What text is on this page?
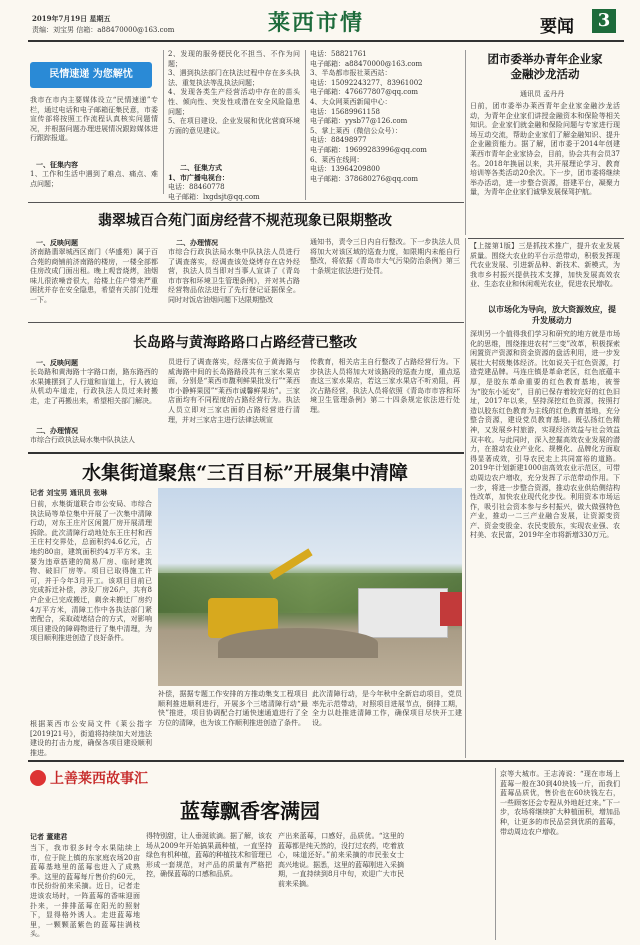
2019年7月19日 星期五
责编：刘宝男 信箱：a88470000@163.com	莱西市情	要闻	3
民情速递 为您解忧
我市在市内主要媒体设立“民情速递”专栏，通过电话和电子邮箱征集民意，市委宣传部将按照工作流程认真核实问题情况，并根据问题办理进展情况跟踪媒体进行跟踪报道。
一、征集内容
1、工作和生活中遇到了难点、痛点、难点问题；
2、发现的服务便民化不担当、不作为问题；
3、遇到执法部门在执法过程中存在多头执法、重复执法等乱执法问题；
4、发现各类生产经营活动中存在的苗头性、倾向性、突发性或潜在安全风险隐患问题；
5、在项目建设、企业发展和优化营商环境方面的意见建议。
二、征集方式
1、市广播电视台：
电话：88460778
电子邮箱：lxgdsjt@qq.com
电话：58821761
电子邮箱：a88470000@163.com
3、半岛都市报社莱西站：
电话：15092243277、83961002
电子邮箱：476677807@qq.com
4、大众网莱西新闻中心：
电话：15689961158
电子邮箱：yysb77@126.com
5、掌上莱西（微信公众号）：
电话：88498977
电子邮箱：19699283996@qq.com
6、莱西在线网：
电话：13964209800
电子邮箱：378680276@qq.com
团市委举办青年企业家
金融沙龙活动
通讯员 孟丹丹
日前，团市委举办莱西青年企业家金融沙龙活动，为青年企业家们讲授金融资本和保险等相关知识。企业家们就金融和保险问题与专家进行现场互动交流，帮助企业家们了解金融知识、提升企业融资能力。据了解，团市委于2014年创建莱西市青年企业家协会，目前，协会共有会员37名。2018年换届以来，共开展理论学习、教育培训等各类活动20余次。下一步，团市委将继续举办活动，进一步整合资源，搭建平台，凝聚力量，为青年企业家们诚挚发展保驾护航。
翡翠城百合苑门面房经营不规范现象已限期整改
一、反映问题
济南路翡翠城西区南门（华盛苑）属于百合苑的商铺前济南路的楼房，一楼全部都住房改成门面出租。晚上观音烧烤，油烟味儿很浓噪音很大，给楼上住户带来严重困扰并存在安全隐患，希望有关部门处理一下。
二、办理情况
市综合行政执法局水集中队执法人员进行了调查落实，经调查该处烧烤存在店外经营，执法人员当即对当事人宣讲了《青岛市市容和环境卫生管理条例》，并对其占路经营物品依法进行了先行登记证据保全。同时对饭店油烟问题下达限期整改
通知书，责令三日内自行整改。下一步执法人员将加大对该区域的巡查力度，如限期内未能自行整改，将依据《青岛市大气污染防治条例》第三十条规定依法进行处罚。
长岛路与黄海路路口占路经营已整改
一、反映问题
长岛路和黄海路十字路口南，路东路西的水果摊摆到了人行道和盲道上，行人被迫从机动车道走，行政执法人员过来时搬走，走了再搬出来，希望相关部门解决。
二、办理情况
市综合行政执法局水集中队执法人
员进行了调查落实，经落实位于黄海路与威海路中间的长岛路路段共有三家水果店面，分别是“莱西市馥利鲜果批发行”“莱西市小静鲜果园”“莱西市诚馨鲜果坊”。三家店面均有不同程度的占路经营行为。执法人员立即对三家店面的占路经营进行清理，并对三家店主进行法律法规宣
传教育，相关店主自行整改了占路经营行为。下步执法人员将加大对该路段的巡查力度，重点巡查这三家水果店，若这三家水果店不听劝阻，再次占路经营，执法人员将依照《青岛市市容和环境卫生管理条例》第二十四条规定依法进行处理。
【上接第1版】三是抓技术推广，提升农业发展质量。围绕大农业的平台示范带动，积极发挥现代农业发展、引进新品种、新技术、新模式，为我市乡村振兴提供技术支撑，加快发展高效农业、生态农业和休闲观光农业，促进农民增收。
以市场化为导向，放大资源效应，提升发展动力
深圳另一个值得我们学习和研究的地方就是市场化的思维，围绕推进农村“三变”改革，积极探索闲置资产资源和资金资源的盘活利用，进一步发展壮大村级集体经济。比如说关于红色资源，打造党建品牌。马连庄镇是革命老区，红色底蕴丰厚，是胶东革命重要的红色教育基地，被誉为“胶东小延安”，目前已保存着较完好的红色旧址，2017年以来，坚持深挖红色资源，按照打造以胶东红色教育为主线的红色教育基地，充分整合资源，建设党员教育基地。既弘扬红色精神，又发展乡村旅游，实现经济效益与社会效益双丰收。与此同时，深入挖掘高效农业发展的潜力，在推动农业产业化、规模化、品牌化方面取得显著成效，引导农民走上共同富裕的道路。2019年计划新建1000亩高效农业示范区，可带动周边农户增收，充分发挥了示范带动作用。下一步，将进一步整合资源，推动农业供给侧结构性改革，加快农业现代化步伐。利用资本市场运作，吸引社会资本参与乡村振兴，做大做强特色产业，推动一二三产业融合发展，让资源变资产、资金变股金、农民变股东，实现农业强、农村美、农民富，2019年全市将新增330万元。
水集街道聚焦“三百目标”开展集中清障
记者 刘宝男 通讯员 张琳
日前，水集街道联合市公安局、市综合执法局等单位集中开展了一次集中清障行动，对东王庄片区闲置厂房开展清理拆除。此次清障行动地处东王庄村和西王庄村交界处，总面积约4.6亿元，占地约80亩，建筑面积约4万平方米。主要为违章搭建的简易厂房、临时建筑物、破旧厂房等。项目已取得施工许可，并于今年3月开工。该项目目前已完成拆迁补偿，涉及厂房26户，共有8户企业已完成搬迁，剩余未搬迁厂房约4万平方米，清障工作中各执法部门紧密配合，采取疏堵结合的方式，对影响项目建设的障碍物进行了集中清理，为项目顺利推进创造了良好条件。
根据莱西市公安局文件《莱公指字[2019]21号》，街道将持续加大对违法建设的打击力度，确保各项目建设顺利推进。
补偿，据据专题工作安排的方推动集支工程项目顺利推进顺利进行，开展多个三堵清障行动“最快”推进，项目协调配合打通快速通道进行了全方位的清障，也为该工作顺利推进创造了条件。
此次清障行动，是今年秋中全新启动项目，党员率先示范带动，对照项目进展节点，倒排工期，全力以赴推进清障工作，确保项目尽快开工建设。
上善莱西故事汇
蓝莓飘香客满园
记者 董建君
当下，我市很多时令水果陆续上市，位于院上镇的东家庭农场20亩蓝莓基地里的蓝莓也进入了成熟季。这里的蓝莓每斤售价约60元，市民纷纷前来采摘。近日，记者走进该农场时，一阵蓝莓的香味迎面扑来，一排排蓝莓在阳光的照射下，显得格外诱人。走进蓝莓地里，一颗颗蓝紫色的蓝莓挂满枝头。
得特别甜，让人垂涎欲滴。据了解，该农场从2009年开始搞果蔬种植，一直坚持绿色有机种植，蓝莓的种植技术和管理已形成一套规范，对产品的质量有严格把控，确保蓝莓的口感和品质。
产出来蓝莓，口感好，品质优。“这里的蓝莓都是纯天然的，没打过农药，吃着放心，味道还好。”前来采摘的市民张女士高兴地说。据悉，这里的蓝莓刚进入采摘期，一直持续到8月中旬，欢迎广大市民前来采摘。
京等大城市。王志涛说：“现在市场上蓝莓一般在30到40块钱一斤，而我们蓝莓品质优，售价也在60块钱左右，一些顾客还会专程从外地赶过来。”下一步，农场将继续扩大种植面积，增加品种，让更多的市民品尝到优质的蓝莓，带动周边农户增收。
